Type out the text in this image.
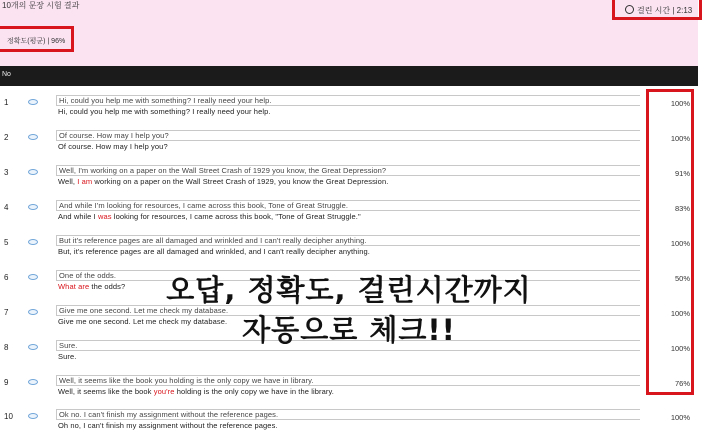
10개의 문장 시험 결과
걸린 시간 | 2:13
정확도(평균) | 96%
No
1	Hi, could you help me with something? I really need your help.
Hi, could you help me with something? I really need your help.
100%
2	Of course. How may I help you?
Of course. How may I help you?
100%
3	Well, I'm working on a paper on the Wall Street Crash of 1929 you know, the Great Depression?
Well, I am working on a paper on the Wall Street Crash of 1929, you know the Great Depression.
91%
4	And while I'm looking for resources, I came across this book, Tone of Great Struggle.
And while I was looking for resources, I came across this book, "Tone of Great Struggle."
83%
5	But it's reference pages are all damaged and wrinkled and I can't really decipher anything.
But, it's reference pages are all damaged and wrinkled, and I can't really decipher anything.
100%
6	One of the odds.
What are the odds?
50%
7	Give me one second. Let me check my database.
Give me one second. Let me check my database.
100%
8	Sure.
Sure.
100%
9	Well, it seems like the book you holding is the only copy we have in library.
Well, it seems like the book you're holding is the only copy we have in the library.
76%
10	Ok no. I can't finish my assignment without the reference pages.
Oh no, I can't finish my assignment without the reference pages.
100%
오답, 정확도, 걸린시간까지
자동으로 체크!!
